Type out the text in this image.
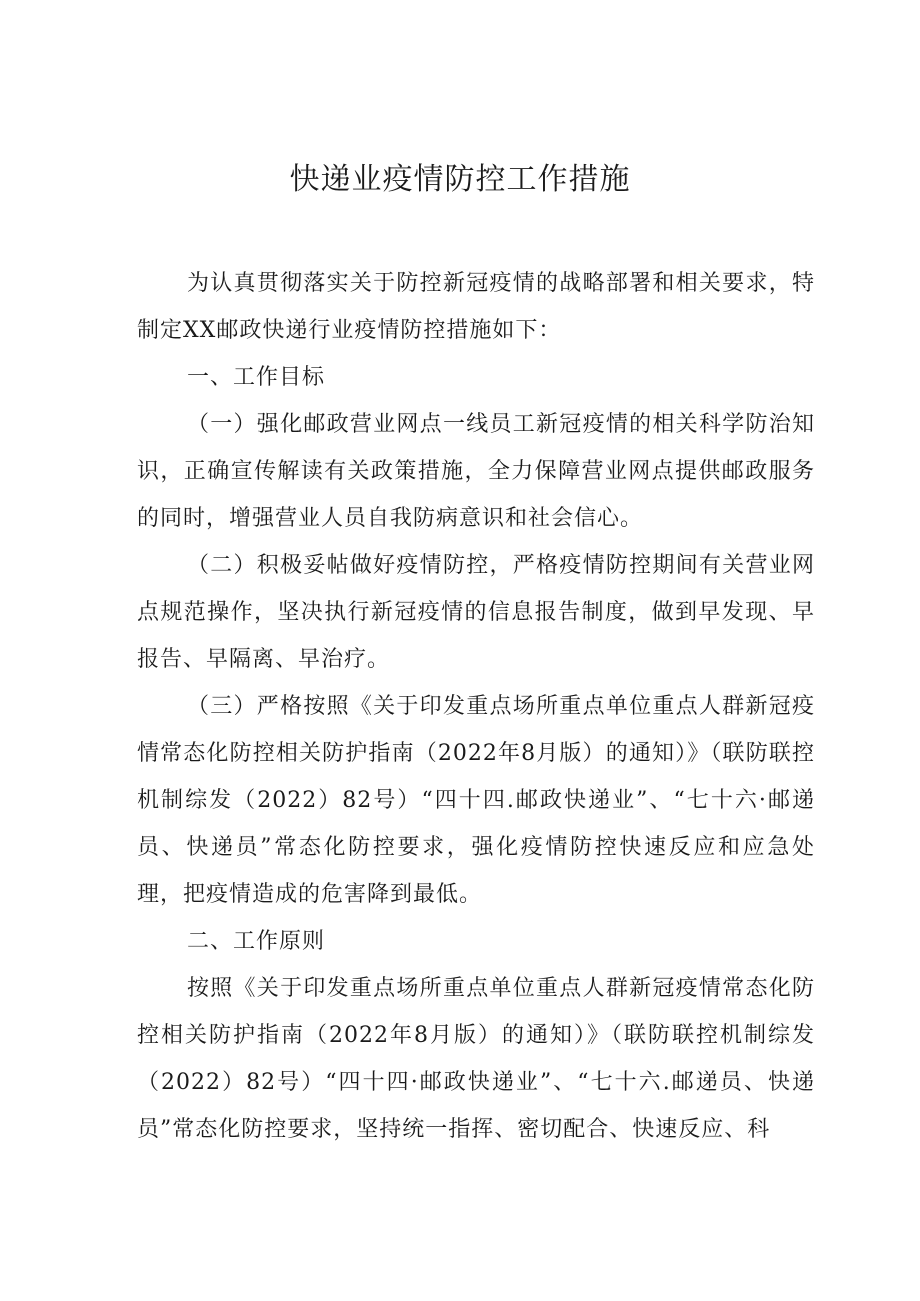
快递业疫情防控工作措施

为认真贯彻落实关于防控新冠疫情的战略部署和相关要求，特制定XX邮政快递行业疫情防控措施如下：

一、工作目标

（一）强化邮政营业网点一线员工新冠疫情的相关科学防治知识，正确宣传解读有关政策措施，全力保障营业网点提供邮政服务的同时，增强营业人员自我防病意识和社会信心。

（二）积极妥帖做好疫情防控，严格疫情防控期间有关营业网点规范操作，坚决执行新冠疫情的信息报告制度，做到早发现、早报告、早隔离、早治疗。

（三）严格按照《关于印发重点场所重点单位重点人群新冠疫情常态化防控相关防护指南（2022年8月版）的通知）》（联防联控机制综发（2022）82号）“四十四.邮政快递业”、“七十六·邮递员、快递员”常态化防控要求，强化疫情防控快速反应和应急处理，把疫情造成的危害降到最低。

二、工作原则

按照《关于印发重点场所重点单位重点人群新冠疫情常态化防控相关防护指南（2022年8月版）的通知）》（联防联控机制综发（2022）82号）“四十四·邮政快递业”、“七十六.邮递员、快递员”常态化防控要求，坚持统一指挥、密切配合、快速反应、科
